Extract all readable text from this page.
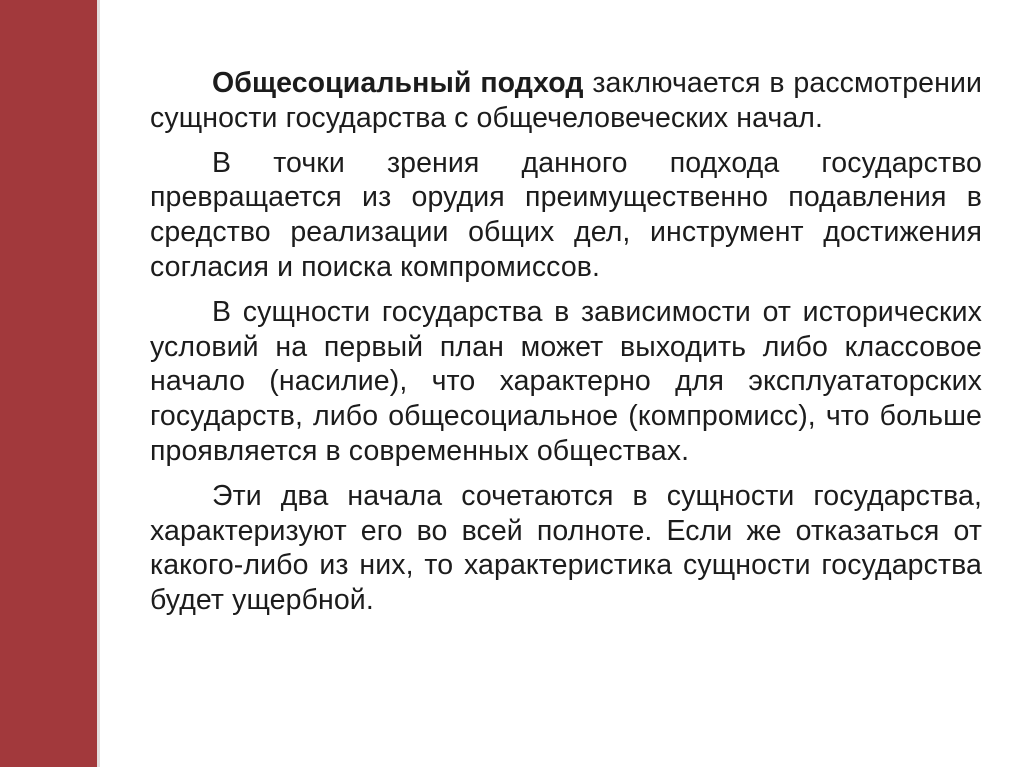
Общесоциальный подход заключается в рассмотрении сущности государства с общечеловеческих начал.

В точки зрения данного подхода государство превращается из орудия преимущественно подавления в средство реализации общих дел, инструмент достижения согласия и поиска компромиссов.

В сущности государства в зависимости от исторических условий на первый план может выходить либо классовое начало (насилие), что характерно для эксплуататорских государств, либо общесоциальное (компромисс), что больше проявляется в современных обществах.

Эти два начала сочетаются в сущности государства, характеризуют его во всей полноте. Если же отказаться от какого-либо из них, то характеристика сущности государства будет ущербной.
